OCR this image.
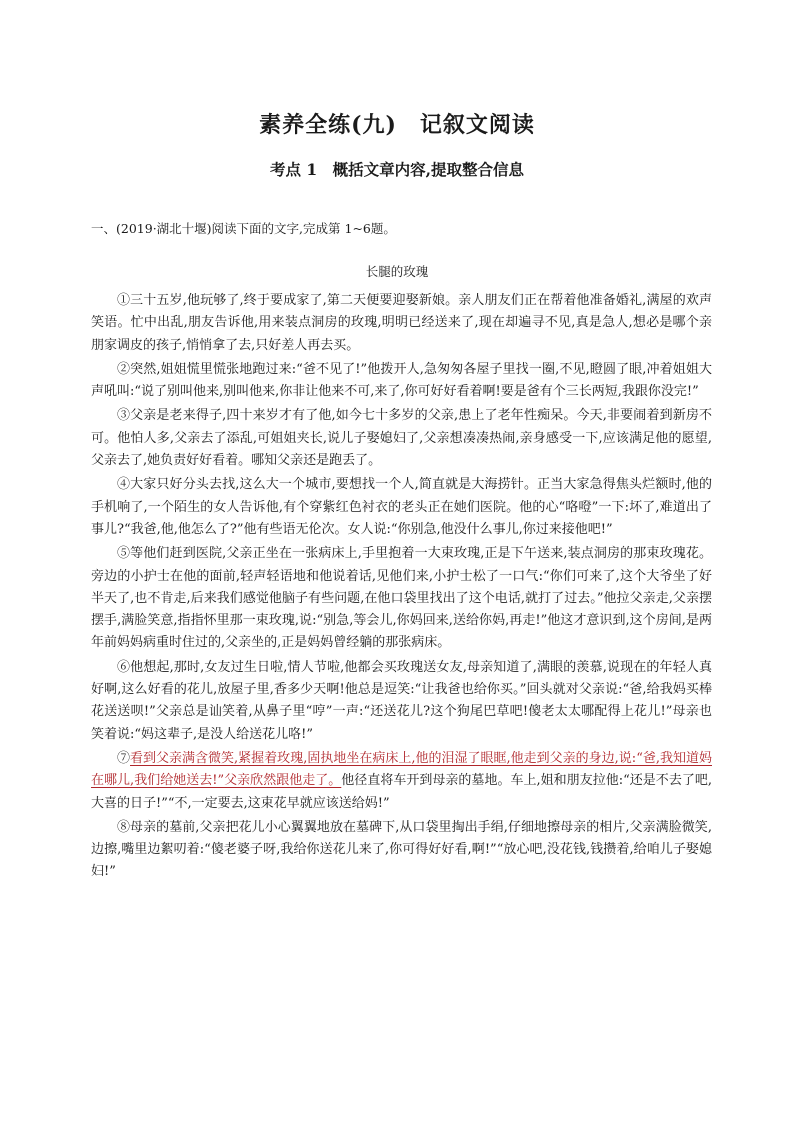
素养全练(九)　记叙文阅读
考点 1　概括文章内容,提取整合信息
一、(2019·湖北十堰)阅读下面的文字,完成第 1~6题。
长腿的玫瑰

①三十五岁,他玩够了,终于要成家了,第二天便要迎娶新娘。亲人朋友们正在帮着他准备婚礼,满屋的欢声笑语。忙中出乱,朋友告诉他,用来装点洞房的玫瑰,明明已经送来了,现在却遍寻不见,真是急人,想必是哪个亲朋家调皮的孩子,悄悄拿了去,只好差人再去买。

②突然,姐姐慌里慌张地跑过来:“爸不见了!”他拨开人,急匆匆各屋子里找一圈,不见,瞪圆了眼,冲着姐姐大声吼叫:“说了别叫他来,别叫他来,你非让他来不可,来了,你可好好看着啊!要是爸有个三长两短,我跟你没完!”

③父亲是老来得子,四十来岁才有了他,如今七十多岁的父亲,患上了老年性痴呆。今天,非要闹着到新房不可。他怕人多,父亲去了添乱,可姐姐夹长,说儿子娶媳妇了,父亲想凑凑热闹,亲身感受一下,应该满足他的愿望,父亲去了,她负责好好看着。哪知父亲还是跑丢了。

④大家只好分头去找,这么大一个城市,要想找一个人,简直就是大海捞针。正当大家急得焦头烂额时,他的手机响了,一个陌生的女人告诉他,有个穿紫红色衬衣的老头正在她们医院。他的心“咯噔”一下:坏了,难道出了事儿?“我爸,他,他怎么了?”他有些语无伦次。女人说:“你别急,他没什么事儿,你过来接他吧!”

⑤等他们赶到医院,父亲正坐在一张病床上,手里抱着一大束玫瑰,正是下午送来,装点洞房的那束玫瑰花。旁边的小护士在他的面前,轻声轻语地和他说着话,见他们来,小护士松了一口气:“你们可来了,这个大爷坐了好半天了,也不肯走,后来我们感觉他脑子有些问题,在他口袋里找出了这个电话,就打了过去。”他拉父亲走,父亲摆摆手,满脸笑意,指指怀里那一束玫瑰,说:“别急,等会儿,你妈回来,送给你妈,再走!”他这才意识到,这个房间,是两年前妈妈病重时住过的,父亲坐的,正是妈妈曾经躺的那张病床。

⑥他想起,那时,女友过生日啦,情人节啦,他都会买玫瑰送女友,母亲知道了,满眼的羡慕,说现在的年轻人真好啊,这么好看的花儿,放屋子里,香多少天啊!他总是逗笑:“让我爸也给你买。”回头就对父亲说:“爸,给我妈买棒花送送呗!”父亲总是讪笑着,从鼻子里“哼”一声:“还送花儿?这个狗尾巴草吧!傻老太太哪配得上花儿!”母亲也笑着说:“妈这辈子,是没人给送花儿咯!”

⑦看到父亲满含微笑,紧握着玫瑰,固执地坐在病床上,他的泪湿了眼眶,他走到父亲的身边,说:“爸,我知道妈在哪儿,我们给她送去!”父亲欣然跟他走了。他径直将车开到母亲的墓地。车上,姐和朋友拉他:“还是不去了吧,大喜的日子!”“不,一定要去,这束花早就应该送给妈!”

⑧母亲的墓前,父亲把花儿小心翼翼地放在墓碑下,从口袋里掏出手绢,仔细地擦母亲的相片,父亲满脸微笑,边擦,嘴里边絮叨着:“傻老婆子呀,我给你送花儿来了,你可得好好看,啊!”“放心吧,没花钱,钱攒着,给咱儿子娶媳妇!”
